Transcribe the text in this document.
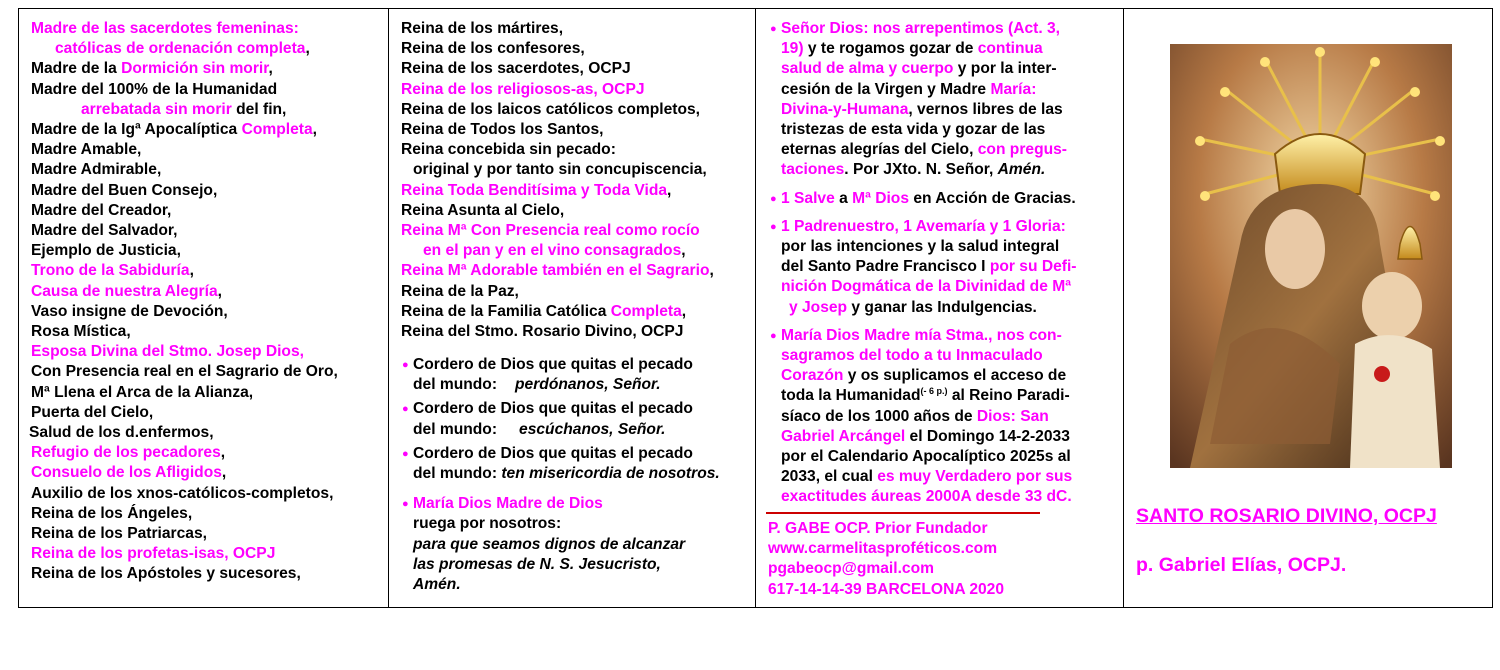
Madre de las sacerdotes femeninas:
católicas de ordenación completa,
Madre de la Dormición sin morir,
Madre del 100% de la Humanidad
arrebatada sin morir del fin,
Madre de la Igª Apocalíptica Completa,
Madre Amable,
Madre Admirable,
Madre del Buen Consejo,
Madre del Creador,
Madre del Salvador,
Ejemplo de Justicia,
Trono de la Sabiduría,
Causa de nuestra Alegría,
Vaso insigne de Devoción,
Rosa Mística,
Esposa Divina del Stmo. Josep Dios,
Con Presencia real en el Sagrario de Oro,
Mª Llena el Arca de la Alianza,
Puerta del Cielo,
Salud de los d.enfermos,
Refugio de los pecadores,
Consuelo de los Afligidos,
Auxilio de los xnos-católicos-completos,
Reina de los Ángeles,
Reina de los Patriarcas,
Reina de los profetas-isas, OCPJ
Reina de los Apóstoles y sucesores,
Reina de los mártires,
Reina de los confesores,
Reina de los sacerdotes, OCPJ
Reina de los religiosos-as, OCPJ
Reina de los laicos católicos completos,
Reina de Todos los Santos,
Reina concebida sin pecado:
original y por tanto sin concupiscencia,
Reina Toda Benditísima y Toda Vida,
Reina Asunta al Cielo,
Reina Mª Con Presencia real como rocío
en el pan y en el vino consagrados,
Reina Mª Adorable también en el Sagrario,
Reina de la Paz,
Reina de la Familia Católica Completa,
Reina del Stmo. Rosario Divino, OCPJ
● Cordero de Dios que quitas el pecado
del mundo: perdónanos, Señor.
● Cordero de Dios que quitas el pecado
del mundo: escúchanos, Señor.
● Cordero de Dios que quitas el pecado
del mundo: ten misericordia de nosotros.
● María Dios Madre de Dios
ruega por nosotros:
para que seamos dignos de alcanzar
las promesas de N. S. Jesucristo,
Amén.
● Señor Dios: nos arrepentimos (Act. 3,
19) y te rogamos gozar de continua
salud de alma y cuerpo y por la inter-
cesión de la Virgen y Madre María:
Divina-y-Humana, vernos libres de las
tristezas de esta vida y gozar de las
eternas alegrías del Cielo, con pregus-
taciones. Por JXto. N. Señor, Amén.
● 1 Salve a Mª Dios en Acción de Gracias.
● 1 Padrenuestro, 1 Avemaría y 1 Gloria:
por las intenciones y la salud integral
del Santo Padre Francisco I por su Defi-
nición Dogmática de la Divinidad de Mª
y Josep y ganar las Indulgencias.
● María Dios Madre mía Stma., nos con-
sagramos del todo a tu Inmaculado
Corazón y os suplicamos el acceso de
toda la Humanidad$^{(- 6 p.)}$ al Reino Paradi-
síaco de los 1000 años de Dios: San
Gabriel Arcángel el Domingo 14-2-2033
por el Calendario Apocalíptico 2025s al
2033, el cual es muy Verdadero por sus
exactitudes áureas 2000A desde 33 dC.
P. GABE OCP. Prior Fundador
www.carmelitasproféticos.com
pgabeocp@gmail.com
617-14-14-39 BARCELONA 2020
SANTO ROSARIO DIVINO, OCPJ
p. Gabriel Elías, OCPJ.
